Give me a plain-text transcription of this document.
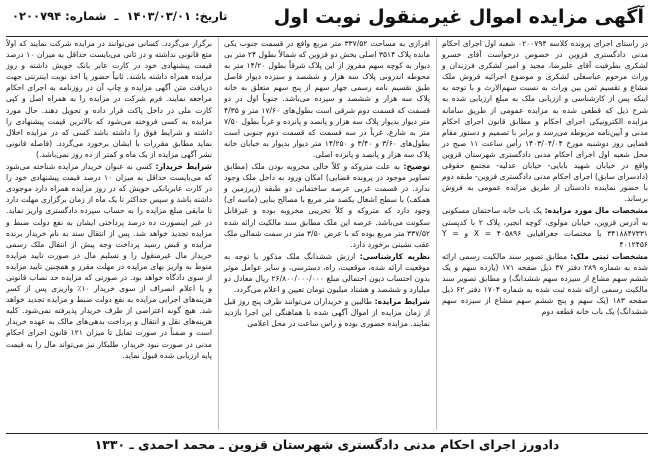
آگهی مزایده اموال غیرمنقول نوبت اول
تاریخ: ۱۴۰۳/۰۳/۰۱ ـ شماره: ۰۲۰۰۷۹۴

در راستای اجرای پرونده کلاسه ۰۲۰۰۷۹۴ شعبه اول اجرای احکام مدنی دادگستری قزوین در خصوص درخواست آقای خسرو لشکری بطرفیت آقای علیرضا، مجید و امیر لشکری فرزندان و وراث مرحوم عباسعلی لشکری و موضوع اجرائیه فروش ملک مشاع و تقسیم ثمن بین وراث به نسبت سهم‌الارث و با توجه به اینکه پس از کارشناسی و ارزیابی ملک به مبلغ ارزیابی شده به شرح ذیل که قطعی شده به مزایده عمومی از طریق سامانه مزایده الکترونیکی اجرای احکام و مطابق قانون اجرای احکام مدنی و آیین‌نامه مربوطه می‌رسد و برابر با تصمیم و دستور مقام قضایی روز دوشنبه مورخ ۱۴۰۳/۰۴/۰۴ رأس ساعت ۱۱ صبح در محل شعبه اول اجرای احکام مدنی دادگستری شهرستان قزوین واقع در خیابان شهید بابایی- خیابان عدلیه- مجتمع حقوقی (دادسرای سابق) اجرای احکام مدنی دادگستری قزوین- طبقه دوم با حضور نماینده دادستان از طریق مزایده عمومی به فروش برساند.

مشخصات مال مورد مزایده: یک باب خانه ساختمان مسکونی به آدرس قزوین، خیابان مولوی، کوچه انجیر، پلاک ۲ با کدپستی ۳۴۱۸۸۴۷۳۳۱ با مختصات جغرافیایی X = ۴۰۵۸۹۶ و Y = ۴۰۱۲۴۵۶

مشخصات ثبتی ملک: مطابق تصویر سند مالکیت رسمی ارائه شده به شماره ۲۸۹ دفتر ۳۷ ذیل صفحه ۱۷۱ (یازده سهم و یک ششم سهم مشاع از سیزده سهم ششدانگ) و مطابق تصویر سند مالکیت رسمی ارائه شده ثبت شده به شماره ۱۷۰۴ دفتر ۶۲ ذیل صفحه ۱۸۳ (یک سهم و پنج ششم سهم مشاع از سیزده سهم ششدانگ) یک باب خانه قطعه دوم

افرازی به مساحت ۳۳۷/۵۲ متر مربع واقع در قسمت جنوب یکی مانده پلاک ۳۵۱۴ اصلی بخش دو قزوین که شمالاً بطول ۲۴ متر بی دیوار به کوچه سهم مفروز از این پلاک شرقاً بطول ۱۴/۲۰ متر به محوطه اندرونی پلاک سه هزار و ششصد و سیزده دیوار فاصل طبق تقسیم نامه رسمی جهار سهم از پنج سهم متعلق به خانه پلاک سه هزار و ششصد و سیزده می‌باشد. جنوباً اول در دو قسمت که قسمت دوم شرقی است بطول‌های ۱۷/۶۰ متر و ۴/۳۵ متر دیوار بدیوار پلاک سه هزار و پانصد و پانزده و غرباً بطول ۷/۵۰ متر به شارع، غرباً در سه قسمت که قسمت دوم جنوبی است بطول‌های ۳/۶۰ و ۳/۴۰ و ۱۴/۲۵۰ متر دیوار بدیوار به خیابان خانه پلاک سه هزار و پانصد و پانزده اصلی.

توضیح: به علت متروکه و کلاً خالی مخروبه بودن ملک (مطابق تصاویر موجود در پرونده قضایی) امکان ورود به داخل ملک وجود ندارد. در قسمت غربی عرصه ساختمانی دو طبقه (زیرزمین و همکف) با سطح اشغال یکصد متر مربع با مصالح بنایی (ماسه ای) وجود دارد که متروکه و کلاً تخریبی مخروبه بوده و غیرقابل سکونت می‌باشد. عرصه این ملک مطابق سند مالکیت ارائه شده ۳۳۷/۵۲ متر مربع بوده که با عرض ۳/۵۰ متر در سمت شمالی ملک عقب نشینی برخورد دارد.

نظریه کارشناسی: ارزش ششدانگ ملک مذکور با توجه به موقعیت ارائه شده، موقعیت، راه، دسترسی، و سایر عوامل موثر بدون احتساب دیون احتمالی مبلغ ۲۶/۸۰۰/۰۰۰/۰۰۰ ریال معادل دو میلیارد و ششصد و هشتاد میلیون تومان تعیین و اعلام می‌گردد.

شرایط مزایده: طالبین و خریداران می‌توانند ظرف پنج روز قبل از زمان مزایده از اموال آگهی شده با هماهنگی این اجرا بازدید نمایند. مزایده حضوری بوده و راس ساعت در محل اعلامی

برگزار می‌گردد. کسانی می‌توانند در مزایده شرکت نمایند که اولاً متع قانونی نداشته و در ثانی می‌بایست حداقل به میزان ۱۰ درصد قیمت پیشنهادی خود در کارت عابر بانک خویش داشته و روز مزایده همراه داشته باشند. ثانیاً حضور یا اخذ نوبت اینترنتی جهت دریافت متن آگهی مزایده و چاپ آن در روزنامه به اجرای احکام مراجعه نمایند. فرم شرکت در مزایده را به همراه اصل و کپی کارت ملی در داخل پاکت قرار داده و تحویل دهند. حال مورد مزایده به کسی فروخته می‌شود که بالاترین قیمت پیشنهادی را داشته و شرایط فوق را داشته باشد کسی که در مزایده اخلال نماید مطابق مقررات با ایشان برخورد می‌گردد. (فاصله قانونی نشر آگهی مزایده از یک ماه و کمتر از ده روز نمی‌باشد.)

شرایط خریدار: کسی به عنوان خریدار مزایده شناخته می‌شود که می‌بایست حداقل به میزان ۱۰ درصد قیمت پیشنهادی خود را در کارت عابربانکی خویش که در روز مزایده همراه دارد موجودی داشته باشد و سپس حداکثر تا یک ماه از زمان برگزاری مهلت دارد تا مابقی مبلغ مزایده را به حساب سپرده دادگستری واریز نماید. در غیر اینصورت ده درصد پرداختی ایشان به نفع دولت ضبط و مزایده تجدید خواهد شد. پس از انتقال سند به نام خریدار برنده مزایده و قبض رسید پرداخت وجه پیش از انتقال ملک رسمی خریدار مال غیرمنقول را و تسلیم مال در صورت تایید مزایده متوط به واریز بهای مزایده در مهلت مقرر و همچنین تایید مزایده از سوی دادگاه خواهد بود. در صورتی که مزایده حد نصاب قانونی و یا اعلام انصراف از سوی خریدار ۱۰٪ واریزی پس از کسر هزینه‌های اجرایی مزایده به نفع دولت ضبط و مزایده تجدید خواهد شد. هیچ گونه اعتراضی از طرف خریدار پذیرفته نمی‌شود. کلیه هزینه‌های نقل و انتقال و پرداخت بدهی‌های مالک به عهده خریدار است و ضمناً در صورت تمایل تا میزان ۱۲۱ قانون اجرای احکام مدنی در صورت نبود خریدار، طلبکار نیز می‌تواند مال را به قیمت پایه ارزیابی شده قبول نماید.

دادورز اجرای احکام مدنی دادگستری شهرستان قزوین ـ محمد احمدی ـ ۱۳۳۰
